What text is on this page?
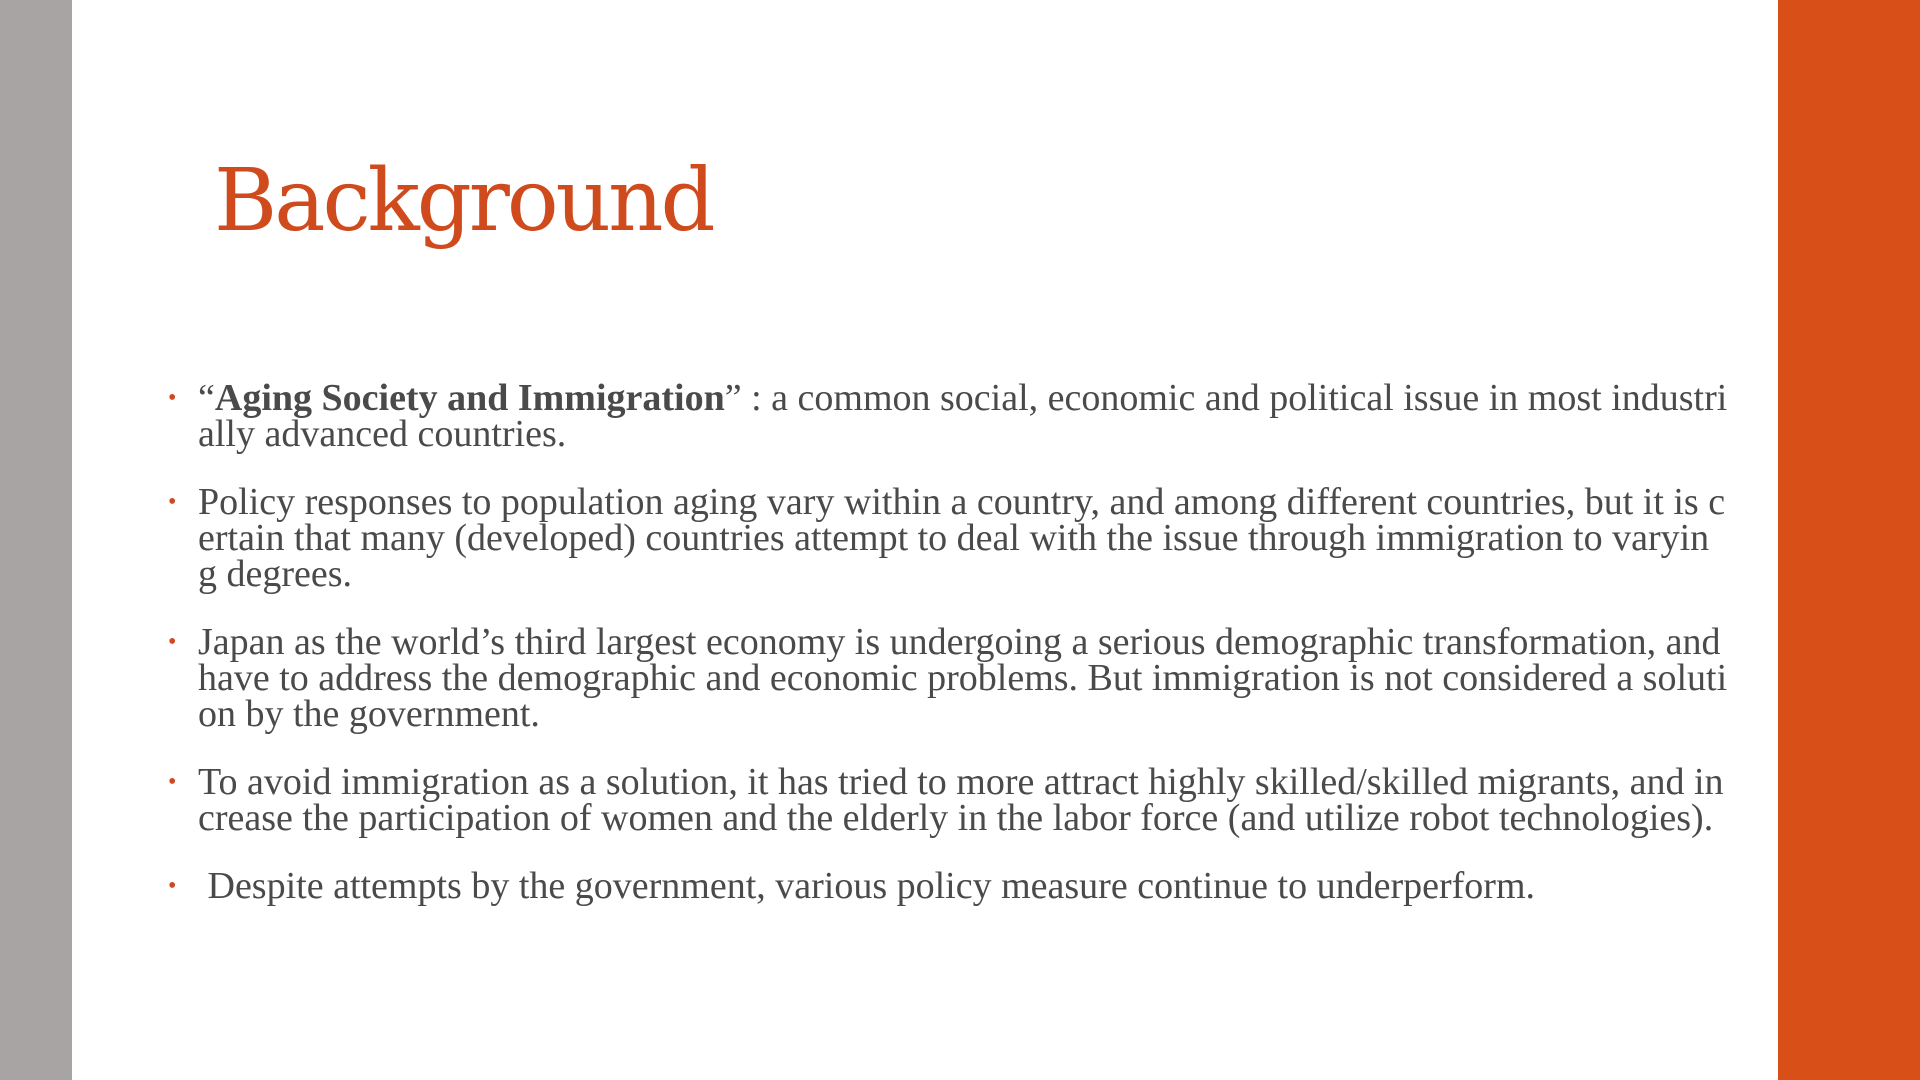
Background
• “Aging Society and Immigration” : a common social, economic and political issue in most industrially advanced countries.
• Policy responses to population aging vary within a country, and among different countries, but it is certain that many (developed) countries attempt to deal with the issue through immigration to varying degrees.
• Japan as the world’s third largest economy is undergoing a serious demographic transformation, and have to address the demographic and economic problems. But immigration is not considered a solution by the government.
• To avoid immigration as a solution, it has tried to more attract highly skilled/skilled migrants, and increase the participation of women and the elderly in the labor force (and utilize robot technologies).
• Despite attempts by the government, various policy measure continue to underperform.
